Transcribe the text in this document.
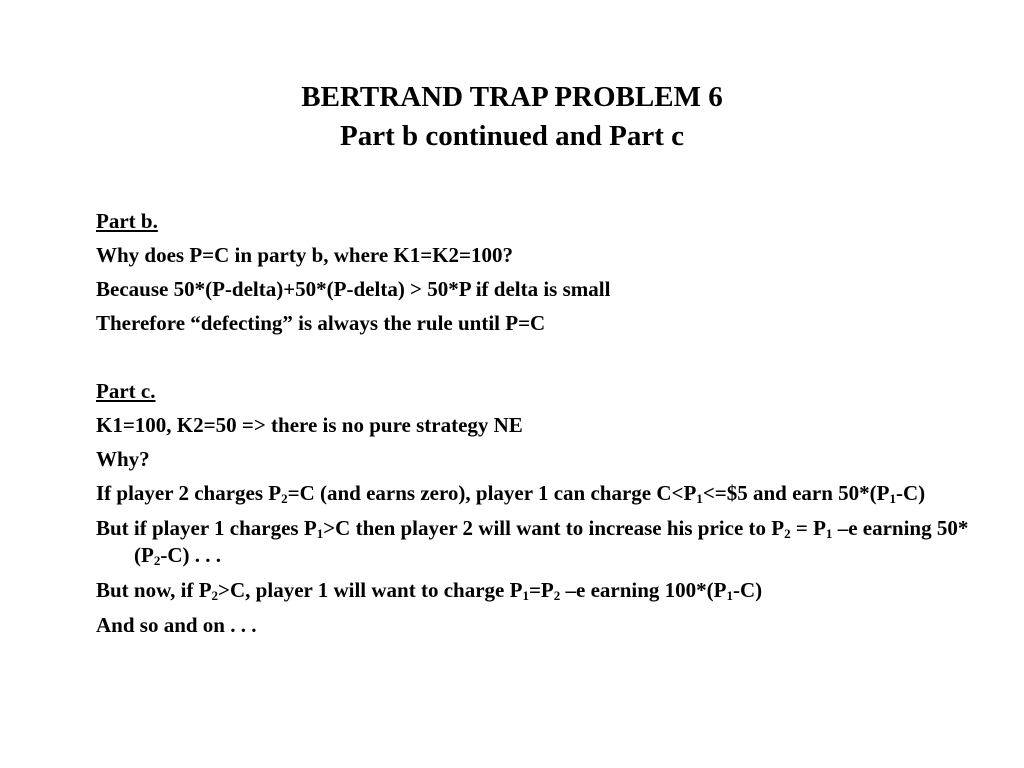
BERTRAND TRAP PROBLEM 6
Part b continued and Part c
Part b.
Why does P=C in party b, where K1=K2=100?
Because 50*(P-delta)+50*(P-delta) > 50*P if delta is small
Therefore “defecting” is always the rule until P=C
Part c.
K1=100, K2=50 => there is no pure strategy NE
Why?
If player 2 charges $P_2=C$ (and earns zero), player 1 can charge $C<P_1<=\$5$ and earn $50*(P_1-C)$
But if player 1 charges $P_1>C$ then player 2 will want to increase his price to $P_2 = P_1$ –e earning $50*(P_2-C)$ . . .
But now, if $P_2>C$, player 1 will want to charge $P_1=P_2$ –e earning $100*(P_1-C)$
And so and on . . .
